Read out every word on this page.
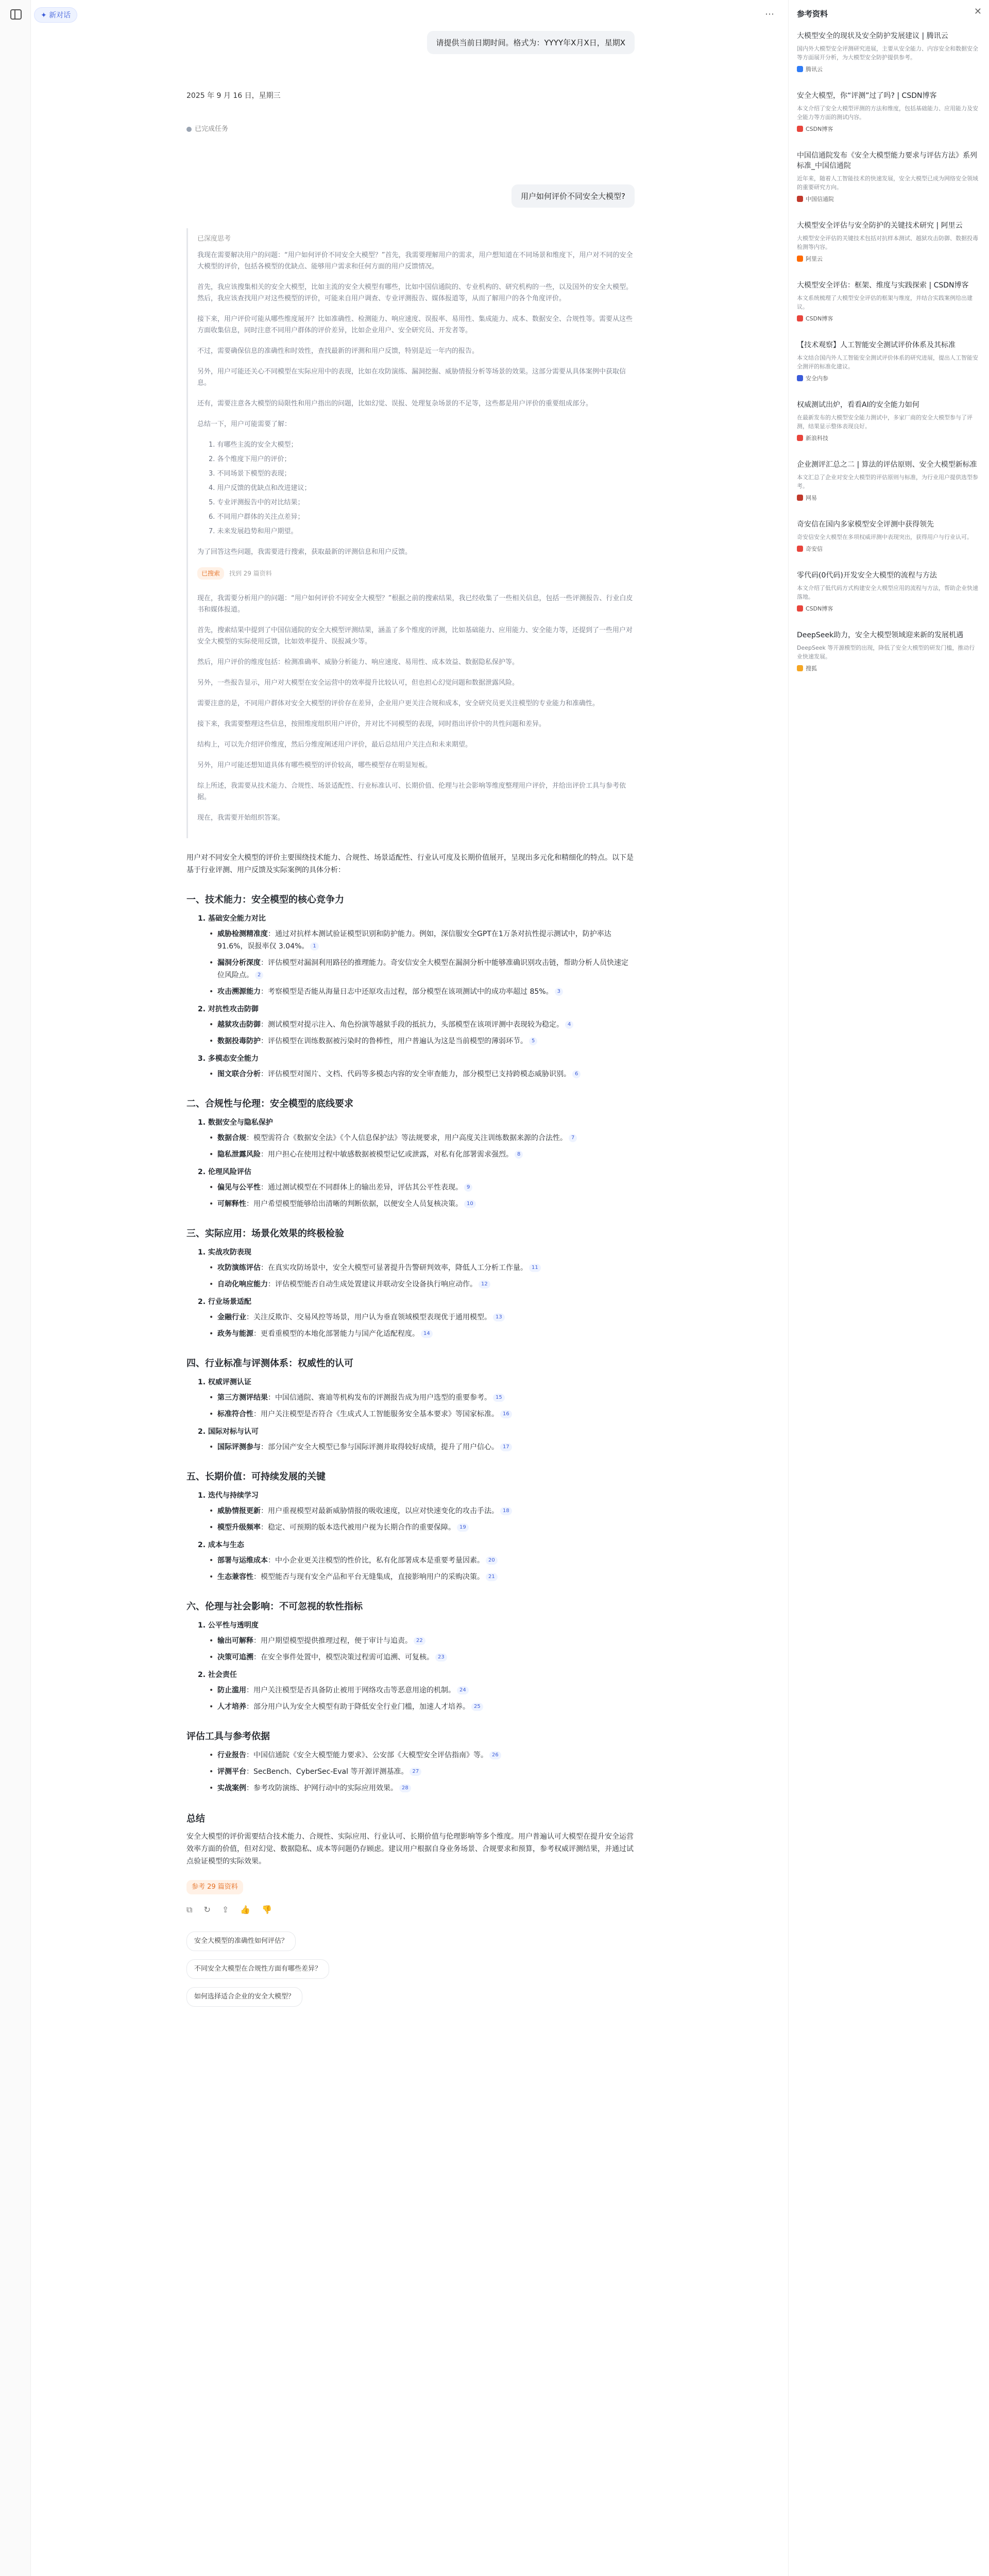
✦ 新对话	⋯
请提供当前日期时间。格式为：YYYY年X月X日，星期X
2025 年 9 月 16 日，星期三
已完成任务
用户如何评价不同安全大模型?
已深度思考

我现在需要解决用户的问题：“用户如何评价不同安全大模型？”首先，我需要理解用户的需求，用户想知道在不同场景和维度下，用户对不同的安全大模型的评价，包括各模型的优缺点、能够用户需求和任何方面的用户反馈情况。

首先，我应该搜集相关的安全大模型，比如主流的安全大模型有哪些，比如中国信通院的、专业机构的、研究机构的一些，以及国外的安全大模型。然后，我应该查找用户对这些模型的评价，可能来自用户调查、专业评测报告、媒体报道等，从而了解用户的各个角度评价。

接下来，用户评价可能从哪些维度展开？比如准确性、检测能力、响应速度、误报率、易用性、集成能力、成本、数据安全、合规性等。需要从这些方面收集信息，同时注意不同用户群体的评价差异，比如企业用户、安全研究员、开发者等。

不过，需要确保信息的准确性和时效性，查找最新的评测和用户反馈，特别是近一年内的报告。

另外，用户可能还关心不同模型在实际应用中的表现，比如在攻防演练、漏洞挖掘、威胁情报分析等场景的效果。这部分需要从具体案例中获取信息。

还有，需要注意各大模型的局限性和用户指出的问题，比如幻觉、误报、处理复杂场景的不足等，这些都是用户评价的重要组成部分。

总结一下，用户可能需要了解：

1. 有哪些主流的安全大模型；
2. 各个维度下用户的评价；
3. 不同场景下模型的表现；
4. 用户反馈的优缺点和改进建议；
5. 专业评测报告中的对比结果；
6. 不同用户群体的关注点差异；
7. 未来发展趋势和用户期望。

为了回答这些问题，我需要进行搜索，获取最新的评测信息和用户反馈。

已搜索 找到 29 篇资料

现在，我需要分析用户的问题：“用户如何评价不同安全大模型？”根据之前的搜索结果，我已经收集了一些相关信息，包括一些评测报告、行业白皮书和媒体报道。

首先，搜索结果中提到了中国信通院的安全大模型评测结果，涵盖了多个维度的评测，比如基础能力、应用能力、安全能力等，还提到了一些用户对安全大模型的实际使用反馈，比如效率提升、误报减少等。

然后，用户评价的维度包括：检测准确率、威胁分析能力、响应速度、易用性、成本效益、数据隐私保护等。

另外，一些报告显示，用户对大模型在安全运营中的效率提升比较认可，但也担心幻觉问题和数据泄露风险。

需要注意的是，不同用户群体对安全大模型的评价存在差异，企业用户更关注合规和成本，安全研究员更关注模型的专业能力和准确性。

接下来，我需要整理这些信息，按照维度组织用户评价，并对比不同模型的表现，同时指出评价中的共性问题和差异。

结构上，可以先介绍评价维度，然后分维度阐述用户评价，最后总结用户关注点和未来期望。

另外，用户可能还想知道具体有哪些模型的评价较高，哪些模型存在明显短板。

综上所述，我需要从技术能力、合规性、场景适配性、行业标准认可、长期价值、伦理与社会影响等维度整理用户评价，并给出评价工具与参考依据。

现在，我需要开始组织答案。

用户对不同安全大模型的评价主要围绕技术能力、合规性、场景适配性、行业认可度及长期价值展开，呈现出多元化和精细化的特点。以下是基于行业评测、用户反馈及实际案例的具体分析：

一、技术能力：安全模型的核心竞争力
1. 基础安全能力对比
• 威胁检测精准度：通过对抗样本测试验证模型识别和防护能力。例如，深信服安全GPT在1万条对抗性提示测试中，防护率达 91.6%，误报率仅 3.04%。 1
• 漏洞分析深度：评估模型对漏洞利用路径的推理能力。奇安信安全大模型在漏洞分析中能够准确识别攻击链，帮助分析人员快速定位风险点。 2
• 攻击溯源能力：考察模型是否能从海量日志中还原攻击过程，部分模型在该项测试中的成功率超过 85%。 3
2. 对抗性攻击防御
• 越狱攻击防御：测试模型对提示注入、角色扮演等越狱手段的抵抗力，头部模型在该项评测中表现较为稳定。 4
• 数据投毒防护：评估模型在训练数据被污染时的鲁棒性，用户普遍认为这是当前模型的薄弱环节。 5
3. 多模态安全能力
• 图文联合分析：评估模型对图片、文档、代码等多模态内容的安全审查能力，部分模型已支持跨模态威胁识别。 6
二、合规性与伦理：安全模型的底线要求
1. 数据安全与隐私保护
• 数据合规：模型需符合《数据安全法》《个人信息保护法》等法规要求，用户高度关注训练数据来源的合法性。 7
• 隐私泄露风险：用户担心在使用过程中敏感数据被模型记忆或泄露，对私有化部署需求强烈。 8
2. 伦理风险评估
• 偏见与公平性：通过测试模型在不同群体上的输出差异，评估其公平性表现。 9
• 可解释性：用户希望模型能够给出清晰的判断依据，以便安全人员复核决策。 10
三、实际应用：场景化效果的终极检验
1. 实战攻防表现
• 攻防演练评估：在真实攻防场景中，安全大模型可显著提升告警研判效率，降低人工分析工作量。 11
• 自动化响应能力：评估模型能否自动生成处置建议并联动安全设备执行响应动作。 12
2. 行业场景适配
• 金融行业：关注反欺诈、交易风控等场景，用户认为垂直领域模型表现优于通用模型。 13
• 政务与能源：更看重模型的本地化部署能力与国产化适配程度。 14
四、行业标准与评测体系：权威性的认可
1. 权威评测认证
• 第三方测评结果：中国信通院、赛迪等机构发布的评测报告成为用户选型的重要参考。 15
• 标准符合性：用户关注模型是否符合《生成式人工智能服务安全基本要求》等国家标准。 16
2. 国际对标与认可
• 国际评测参与：部分国产安全大模型已参与国际评测并取得较好成绩，提升了用户信心。 17
五、长期价值：可持续发展的关键
1. 迭代与持续学习
• 威胁情报更新：用户重视模型对最新威胁情报的吸收速度，以应对快速变化的攻击手法。 18
• 模型升级频率：稳定、可预期的版本迭代被用户视为长期合作的重要保障。 19
2. 成本与生态
• 部署与运维成本：中小企业更关注模型的性价比，私有化部署成本是重要考量因素。 20
• 生态兼容性：模型能否与现有安全产品和平台无缝集成，直接影响用户的采购决策。 21
六、伦理与社会影响：不可忽视的软性指标
1. 公平性与透明度
• 输出可解释：用户期望模型提供推理过程，便于审计与追责。 22
• 决策可追溯：在安全事件处置中，模型决策过程需可追溯、可复核。 23
2. 社会责任
• 防止滥用：用户关注模型是否具备防止被用于网络攻击等恶意用途的机制。 24
• 人才培养：部分用户认为安全大模型有助于降低安全行业门槛，加速人才培养。 25
评估工具与参考依据
• 行业报告：中国信通院《安全大模型能力要求》、公安部《大模型安全评估指南》等。 26
• 评测平台：SecBench、CyberSec-Eval 等开源评测基准。 27
• 实战案例：参考攻防演练、护网行动中的实际应用效果。 28
总结

安全大模型的评价需要结合技术能力、合规性、实际应用、行业认可、长期价值与伦理影响等多个维度。用户普遍认可大模型在提升安全运营效率方面的价值，但对幻觉、数据隐私、成本等问题仍存顾虑。建议用户根据自身业务场景、合规要求和预算，参考权威评测结果，并通过试点验证模型的实际效果。

参考 29 篇资料
⧉ ↻ ⇪ 👍 👎
安全大模型的准确性如何评估？
不同安全大模型在合规性方面有哪些差异？
如何选择适合企业的安全大模型？
参考资料	✕
大模型安全的现状及安全防护发展建议 | 腾讯云
国内外大模型安全评测研究进展，主要从安全能力、内容安全和数据安全等方面展开分析，为大模型安全防护提供参考。
腾讯云
安全大模型，你“评测”过了吗? | CSDN博客
本文介绍了安全大模型评测的方法和维度，包括基础能力、应用能力及安全能力等方面的测试内容。
CSDN博客
中国信通院发布《安全大模型能力要求与评估方法》系列标准_中国信通院
近年来，随着人工智能技术的快速发展，安全大模型已成为网络安全领域的重要研究方向。
中国信通院
大模型安全评估与安全防护的关键技术研究 | 阿里云
大模型安全评估的关键技术包括对抗样本测试、越狱攻击防御、数据投毒检测等内容。
阿里云
大模型安全评估：框架、维度与实践探索 | CSDN博客
本文系统梳理了大模型安全评估的框架与维度，并结合实践案例给出建议。
CSDN博客
【技术观察】人工智能安全测试评价体系及其标准
本文结合国内外人工智能安全测试评价体系的研究进展，提出人工智能安全测评的标准化建议。
安全内参
权威测试出炉，看看AI的安全能力如何
在最新发布的大模型安全能力测试中，多家厂商的安全大模型参与了评测，结果显示整体表现良好。
新浪科技
企业测评汇总之二 | 算法的评估原则、安全大模型新标准
本文汇总了企业对安全大模型的评估原则与标准，为行业用户提供选型参考。
网易
奇安信在国内多家模型安全评测中获得领先
奇安信安全大模型在多项权威评测中表现突出，获得用户与行业认可。
奇安信
零代码(0代码)开发安全大模型的流程与方法
本文介绍了低代码方式构建安全大模型应用的流程与方法，帮助企业快速落地。
CSDN博客
DeepSeek助力，安全大模型领域迎来新的发展机遇
DeepSeek 等开源模型的出现，降低了安全大模型的研发门槛，推动行业快速发展。
搜狐
